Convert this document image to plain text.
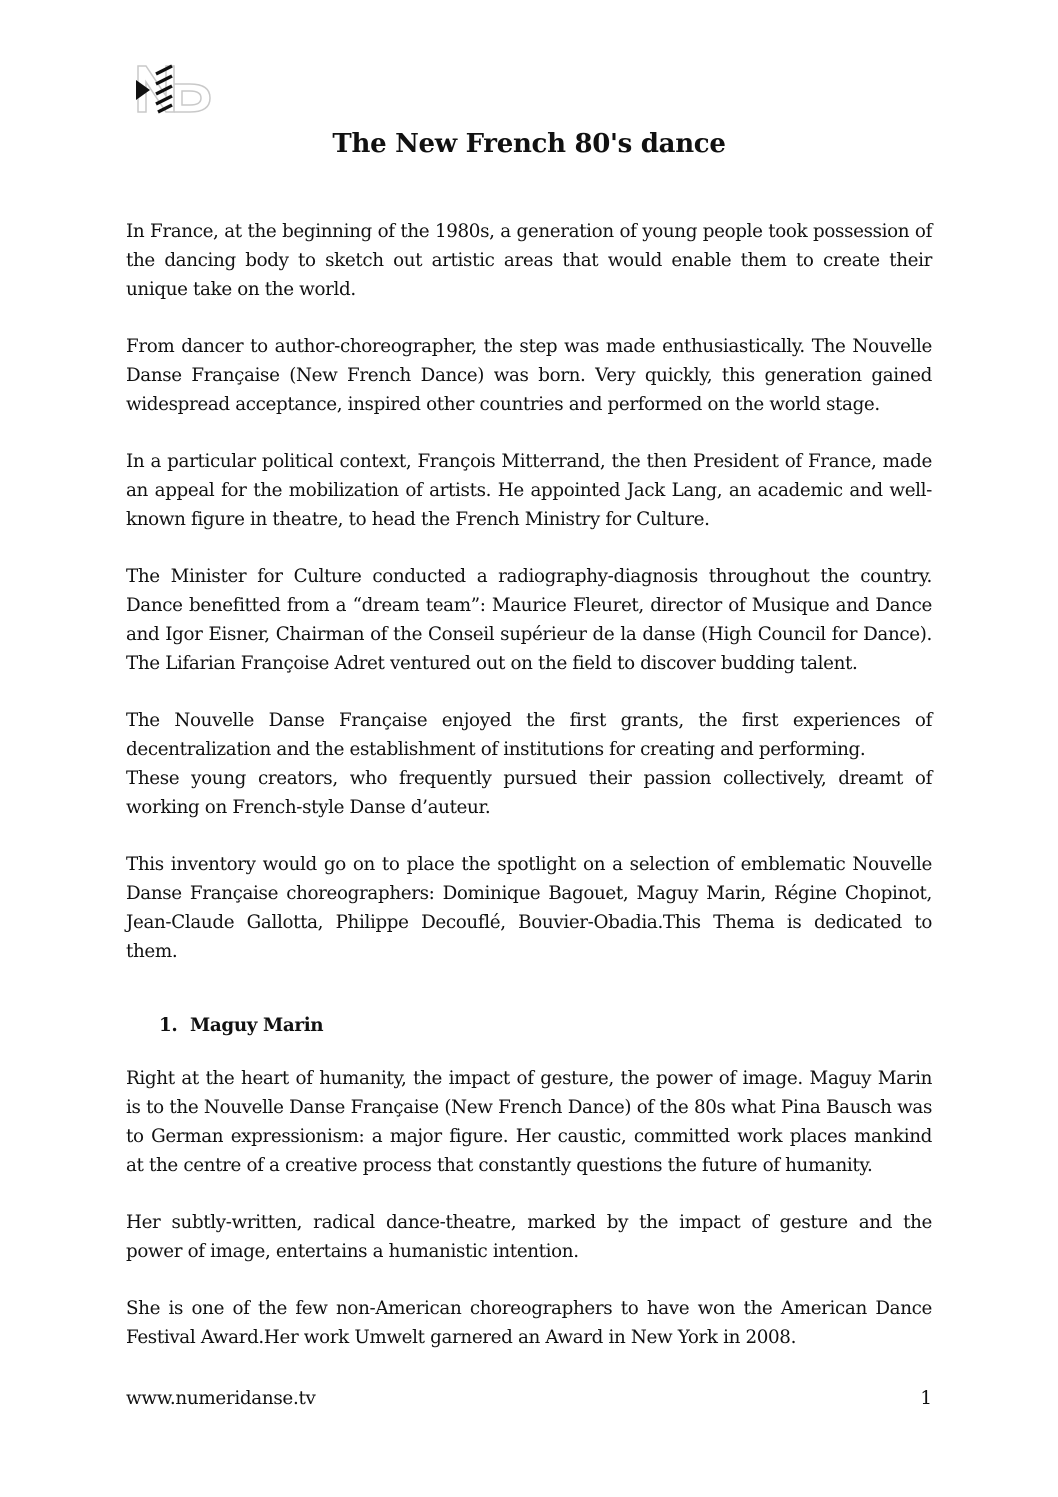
The New French 80's dance

In France, at the beginning of the 1980s, a generation of young people took possession of the dancing body to sketch out artistic areas that would enable them to create their unique take on the world.

From dancer to author-choreographer, the step was made enthusiastically. The Nouvelle Danse Française (New French Dance) was born. Very quickly, this generation gained widespread acceptance, inspired other countries and performed on the world stage.

In a particular political context, François Mitterrand, the then President of France, made an appeal for the mobilization of artists. He appointed Jack Lang, an academic and well-known figure in theatre, to head the French Ministry for Culture.

The Minister for Culture conducted a radiography-diagnosis throughout the country. Dance benefitted from a “dream team”: Maurice Fleuret, director of Musique and Dance and Igor Eisner, Chairman of the Conseil supérieur de la danse (High Council for Dance). The Lifarian Françoise Adret ventured out on the field to discover budding talent.

The Nouvelle Danse Française enjoyed the first grants, the first experiences of decentralization and the establishment of institutions for creating and performing.

These young creators, who frequently pursued their passion collectively, dreamt of working on French-style Danse d’auteur.

This inventory would go on to place the spotlight on a selection of emblematic Nouvelle Danse Française choreographers: Dominique Bagouet, Maguy Marin, Régine Chopinot, Jean-Claude Gallotta, Philippe Decouflé, Bouvier-Obadia.This Thema is dedicated to them.

1. Maguy Marin

Right at the heart of humanity, the impact of gesture, the power of image. Maguy Marin is to the Nouvelle Danse Française (New French Dance) of the 80s what Pina Bausch was to German expressionism: a major figure. Her caustic, committed work places mankind at the centre of a creative process that constantly questions the future of humanity.

Her subtly-written, radical dance-theatre, marked by the impact of gesture and the power of image, entertains a humanistic intention.

She is one of the few non-American choreographers to have won the American Dance Festival Award.Her work Umwelt garnered an Award in New York in 2008.

www.numeridanse.tv	1
